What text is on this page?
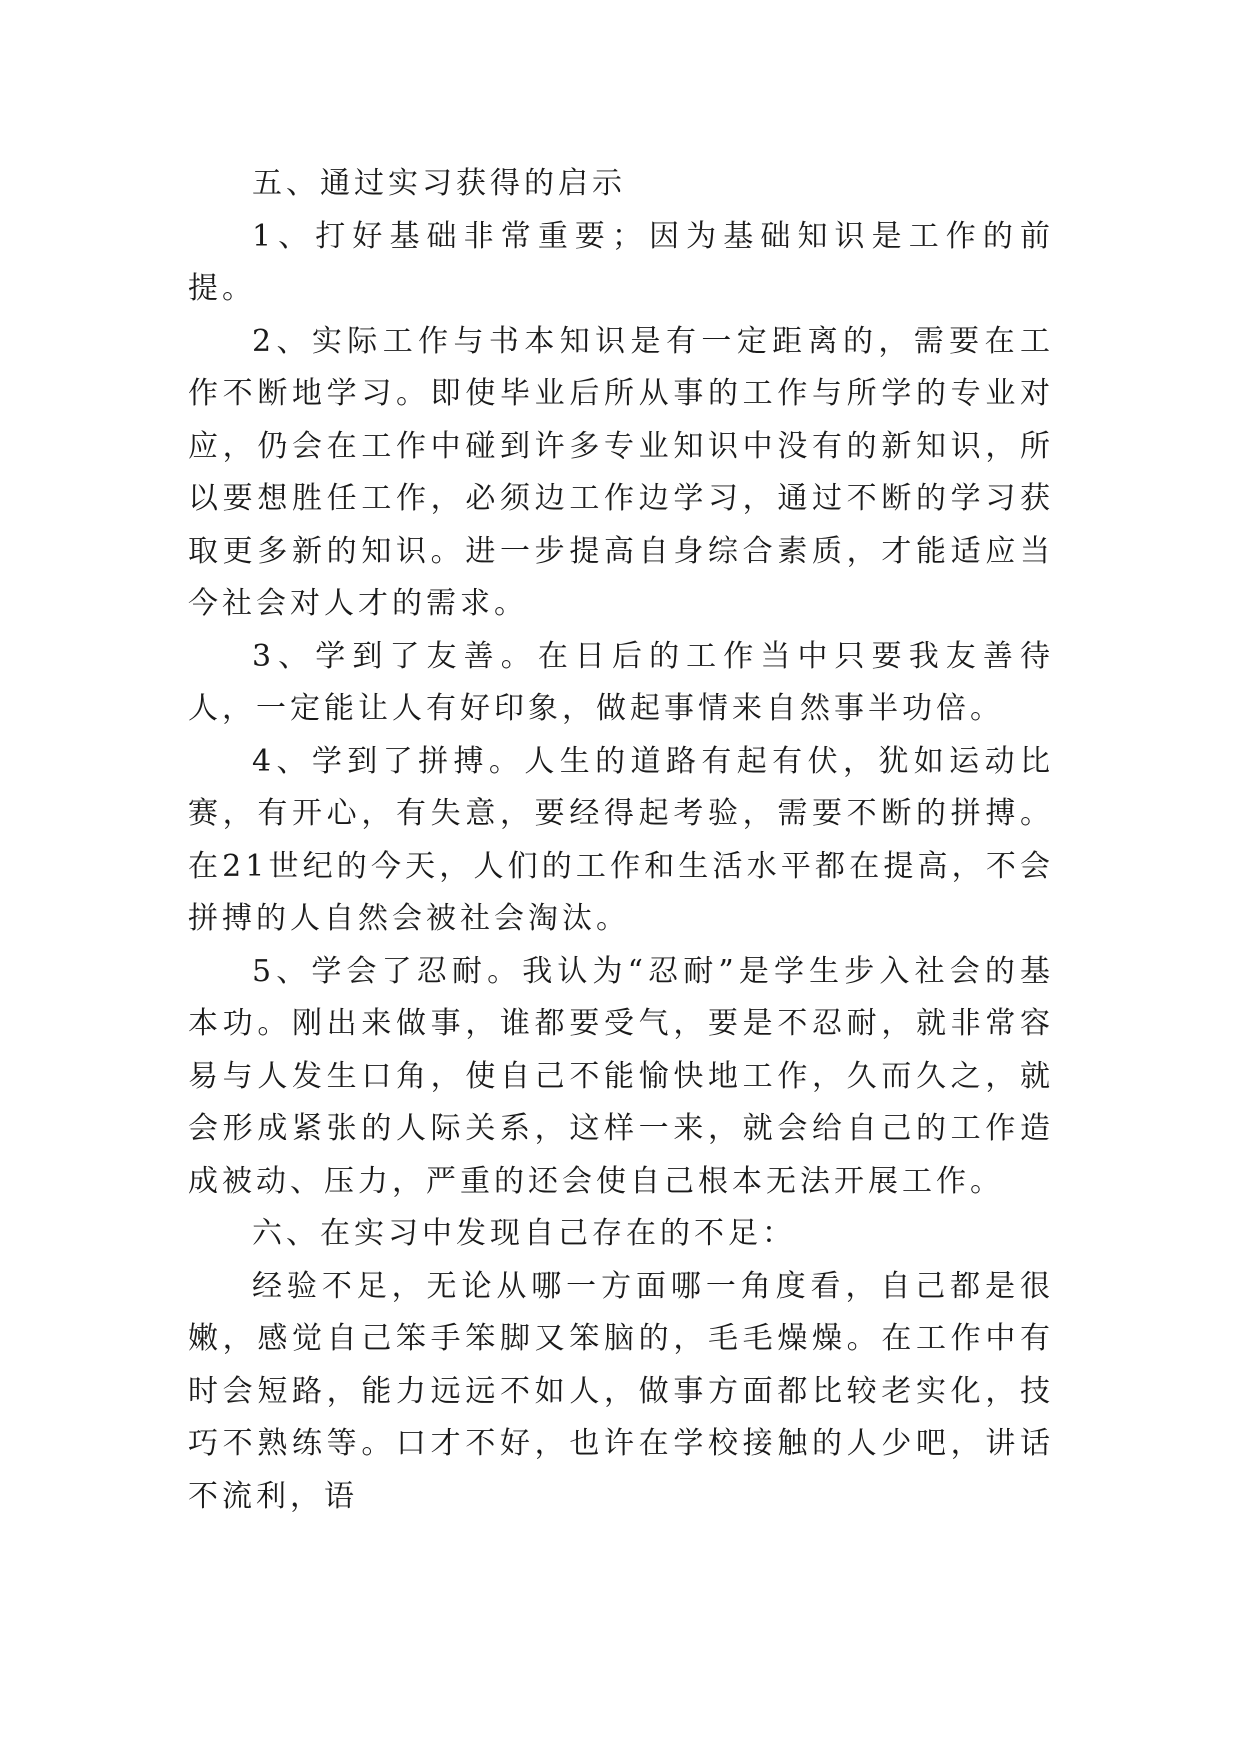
五、通过实习获得的启示

1、打好基础非常重要；因为基础知识是工作的前提。

2、实际工作与书本知识是有一定距离的，需要在工作不断地学习。即使毕业后所从事的工作与所学的专业对应，仍会在工作中碰到许多专业知识中没有的新知识，所以要想胜任工作，必须边工作边学习，通过不断的学习获取更多新的知识。进一步提高自身综合素质，才能适应当今社会对人才的需求。

3、学到了友善。在日后的工作当中只要我友善待人，一定能让人有好印象，做起事情来自然事半功倍。

4、学到了拼搏。人生的道路有起有伏，犹如运动比赛，有开心，有失意，要经得起考验，需要不断的拼搏。在21世纪的今天，人们的工作和生活水平都在提高，不会拼搏的人自然会被社会淘汰。

5、学会了忍耐。我认为“忍耐”是学生步入社会的基本功。刚出来做事，谁都要受气，要是不忍耐，就非常容易与人发生口角，使自己不能愉快地工作，久而久之，就会形成紧张的人际关系，这样一来，就会给自己的工作造成被动、压力，严重的还会使自己根本无法开展工作。

六、在实习中发现自己存在的不足：

经验不足，无论从哪一方面哪一角度看，自己都是很嫩，感觉自己笨手笨脚又笨脑的，毛毛燥燥。在工作中有时会短路，能力远远不如人，做事方面都比较老实化，技巧不熟练等。口才不好，也许在学校接触的人少吧，讲话不流利，语
